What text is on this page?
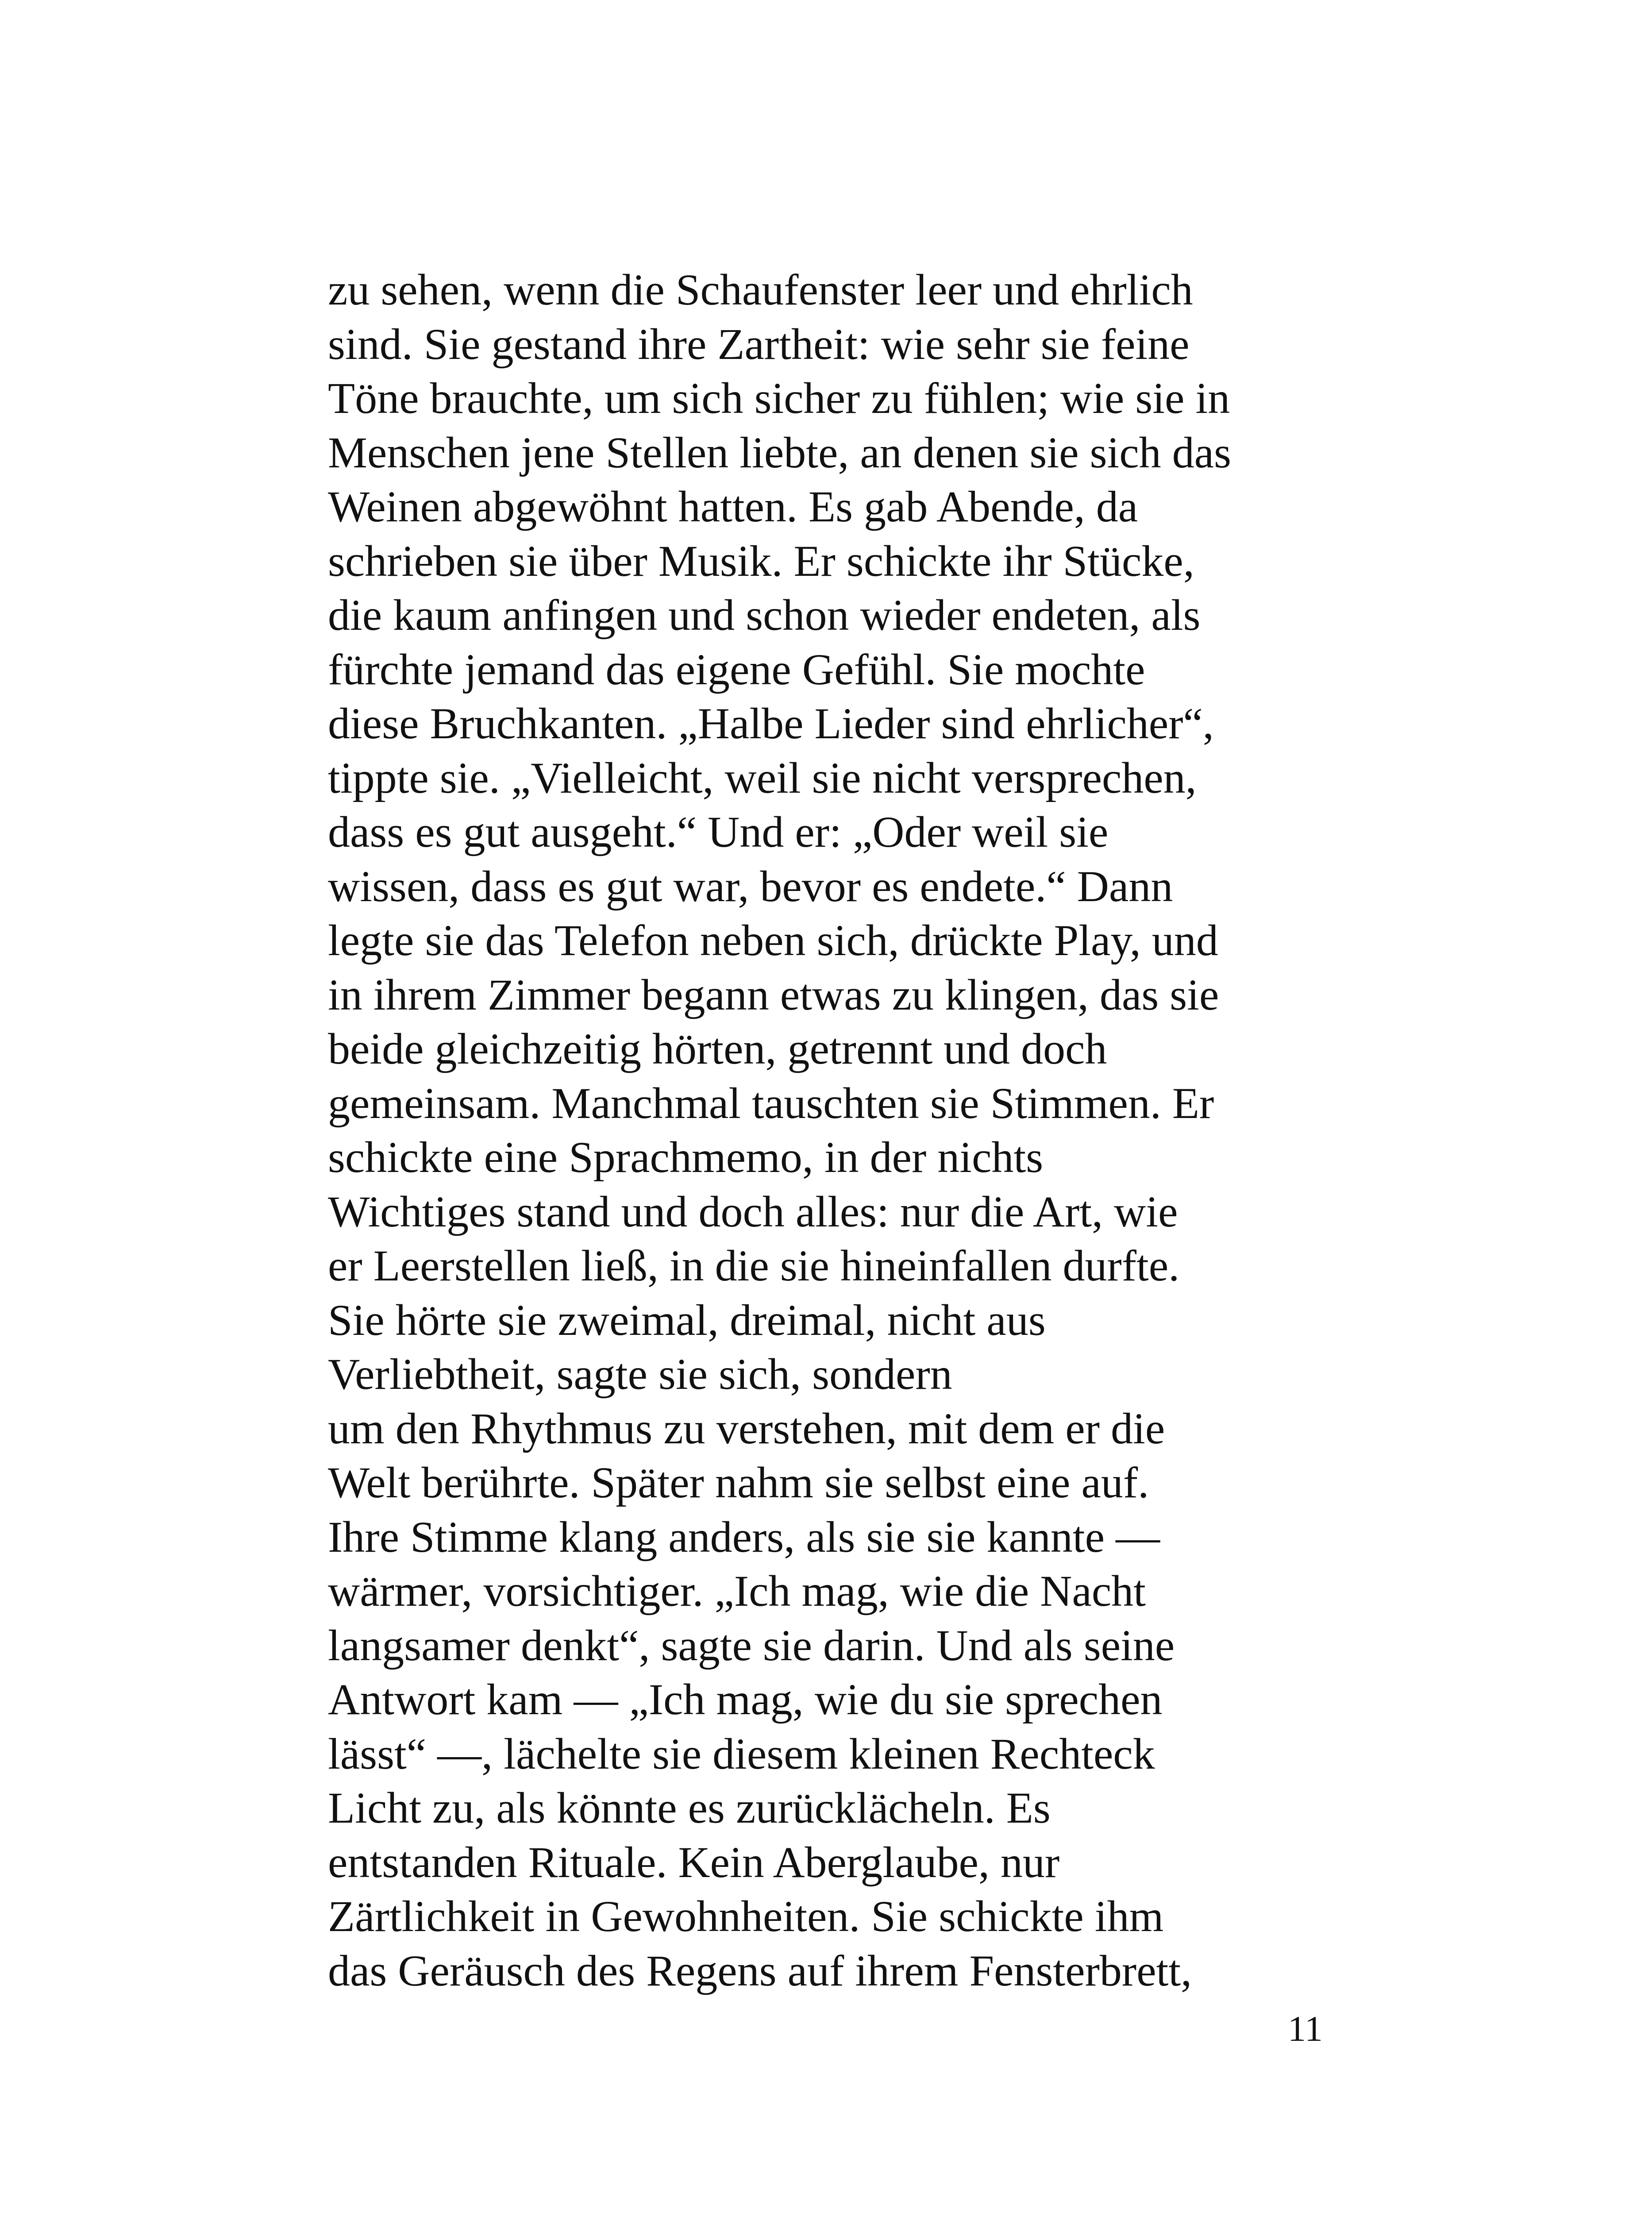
zu sehen, wenn die Schaufenster leer und ehrlich
sind. Sie gestand ihre Zartheit: wie sehr sie feine
Töne brauchte, um sich sicher zu fühlen; wie sie in
Menschen jene Stellen liebte, an denen sie sich das
Weinen abgewöhnt hatten. Es gab Abende, da
schrieben sie über Musik. Er schickte ihr Stücke,
die kaum anfingen und schon wieder endeten, als
fürchte jemand das eigene Gefühl. Sie mochte
diese Bruchkanten. „Halbe Lieder sind ehrlicher“,
tippte sie. „Vielleicht, weil sie nicht versprechen,
dass es gut ausgeht.“ Und er: „Oder weil sie
wissen, dass es gut war, bevor es endete.“ Dann
legte sie das Telefon neben sich, drückte Play, und
in ihrem Zimmer begann etwas zu klingen, das sie
beide gleichzeitig hörten, getrennt und doch
gemeinsam. Manchmal tauschten sie Stimmen. Er
schickte eine Sprachmemo, in der nichts
Wichtiges stand und doch alles: nur die Art, wie
er Leerstellen ließ, in die sie hineinfallen durfte.
Sie hörte sie zweimal, dreimal, nicht aus
Verliebtheit, sagte sie sich, sondern
um den Rhythmus zu verstehen, mit dem er die
Welt berührte. Später nahm sie selbst eine auf.
Ihre Stimme klang anders, als sie sie kannte —
wärmer, vorsichtiger. „Ich mag, wie die Nacht
langsamer denkt“, sagte sie darin. Und als seine
Antwort kam — „Ich mag, wie du sie sprechen
lässt“ —, lächelte sie diesem kleinen Rechteck
Licht zu, als könnte es zurücklächeln. Es
entstanden Rituale. Kein Aberglaube, nur
Zärtlichkeit in Gewohnheiten. Sie schickte ihm
das Geräusch des Regens auf ihrem Fensterbrett,
11
